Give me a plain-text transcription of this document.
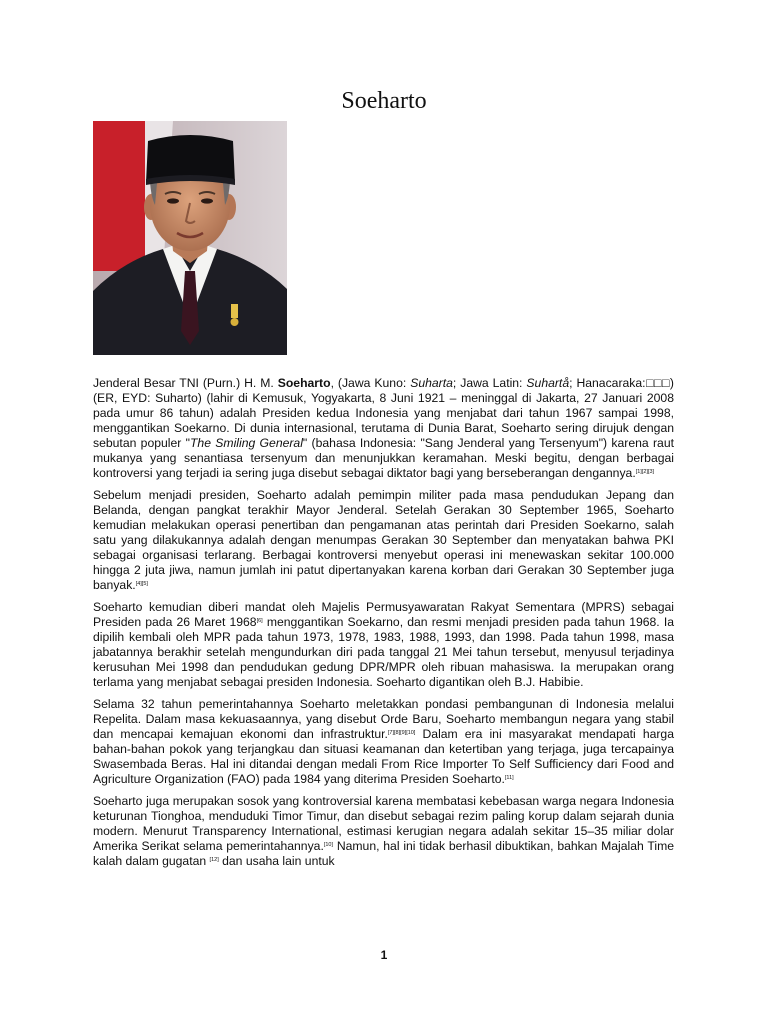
Soeharto

Jenderal Besar TNI (Purn.) H. M. Soeharto, (Jawa Kuno: Suharta; Jawa Latin: Suhartå; Hanacaraka:□□□) (ER, EYD: Suharto) (lahir di Kemusuk, Yogyakarta, 8 Juni 1921 – meninggal di Jakarta, 27 Januari 2008 pada umur 86 tahun) adalah Presiden kedua Indonesia yang menjabat dari tahun 1967 sampai 1998, menggantikan Soekarno. Di dunia internasional, terutama di Dunia Barat, Soeharto sering dirujuk dengan sebutan populer "The Smiling General" (bahasa Indonesia: "Sang Jenderal yang Tersenyum") karena raut mukanya yang senantiasa tersenyum dan menunjukkan keramahan. Meski begitu, dengan berbagai kontroversi yang terjadi ia sering juga disebut sebagai diktator bagi yang berseberangan dengannya.[1][2][3]

Sebelum menjadi presiden, Soeharto adalah pemimpin militer pada masa pendudukan Jepang dan Belanda, dengan pangkat terakhir Mayor Jenderal. Setelah Gerakan 30 September 1965, Soeharto kemudian melakukan operasi penertiban dan pengamanan atas perintah dari Presiden Soekarno, salah satu yang dilakukannya adalah dengan menumpas Gerakan 30 September dan menyatakan bahwa PKI sebagai organisasi terlarang. Berbagai kontroversi menyebut operasi ini menewaskan sekitar 100.000 hingga 2 juta jiwa, namun jumlah ini patut dipertanyakan karena korban dari Gerakan 30 September juga banyak.[4][5]

Soeharto kemudian diberi mandat oleh Majelis Permusyawaratan Rakyat Sementara (MPRS) sebagai Presiden pada 26 Maret 1968[6] menggantikan Soekarno, dan resmi menjadi presiden pada tahun 1968. Ia dipilih kembali oleh MPR pada tahun 1973, 1978, 1983, 1988, 1993, dan 1998. Pada tahun 1998, masa jabatannya berakhir setelah mengundurkan diri pada tanggal 21 Mei tahun tersebut, menyusul terjadinya kerusuhan Mei 1998 dan pendudukan gedung DPR/MPR oleh ribuan mahasiswa. Ia merupakan orang terlama yang menjabat sebagai presiden Indonesia. Soeharto digantikan oleh B.J. Habibie.

Selama 32 tahun pemerintahannya Soeharto meletakkan pondasi pembangunan di Indonesia melalui Repelita. Dalam masa kekuasaannya, yang disebut Orde Baru, Soeharto membangun negara yang stabil dan mencapai kemajuan ekonomi dan infrastruktur.[7][8][9][10] Dalam era ini masyarakat mendapati harga bahan-bahan pokok yang terjangkau dan situasi keamanan dan ketertiban yang terjaga, juga tercapainya Swasembada Beras. Hal ini ditandai dengan medali From Rice Importer To Self Sufficiency dari Food and Agriculture Organization (FAO) pada 1984 yang diterima Presiden Soeharto.[11]

Soeharto juga merupakan sosok yang kontroversial karena membatasi kebebasan warga negara Indonesia keturunan Tionghoa, menduduki Timor Timur, dan disebut sebagai rezim paling korup dalam sejarah dunia modern. Menurut Transparency International, estimasi kerugian negara adalah sekitar 15–35 miliar dolar Amerika Serikat selama pemerintahannya.[10] Namun, hal ini tidak berhasil dibuktikan, bahkan Majalah Time kalah dalam gugatan [12] dan usaha lain untuk

1
